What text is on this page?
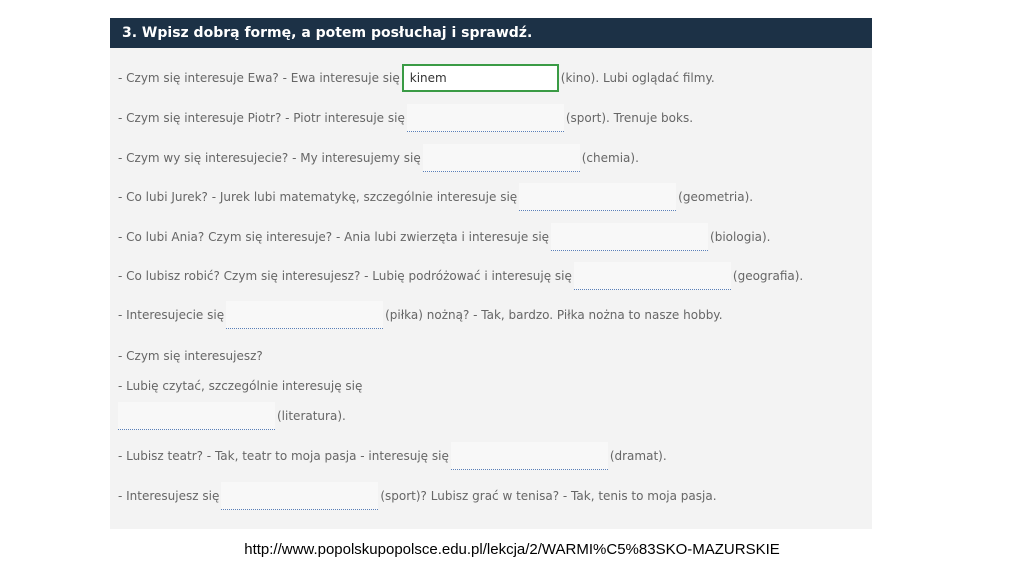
3. Wpisz dobrą formę, a potem posłuchaj i sprawdź.
- Czym się interesuje Ewa? - Ewa interesuje się
kinem	(kino). Lubi oglądać filmy.
- Czym się interesuje Piotr? - Piotr interesuje się	(sport). Trenuje boks.
- Czym wy się interesujecie? - My interesujemy się	(chemia).
- Co lubi Jurek? - Jurek lubi matematykę, szczególnie interesuje się	(geometria).
- Co lubi Ania? Czym się interesuje? - Ania lubi zwierzęta i interesuje się	(biologia).
- Co lubisz robić? Czym się interesujesz? - Lubię podróżować i interesuję się	(geografia).
- Interesujecie się	(piłka) nożną? - Tak, bardzo. Piłka nożna to nasze hobby.
- Czym się interesujesz?
- Lubię czytać, szczególnie interesuję się
(literatura).
- Lubisz teatr? - Tak, teatr to moja pasja - interesuję się	(dramat).
- Interesujesz się	(sport)? Lubisz grać w tenisa? - Tak, tenis to moja pasja.
http://www.popolskupopolsce.edu.pl/lekcja/2/WARMI%C5%83SKO-MAZURSKIE
